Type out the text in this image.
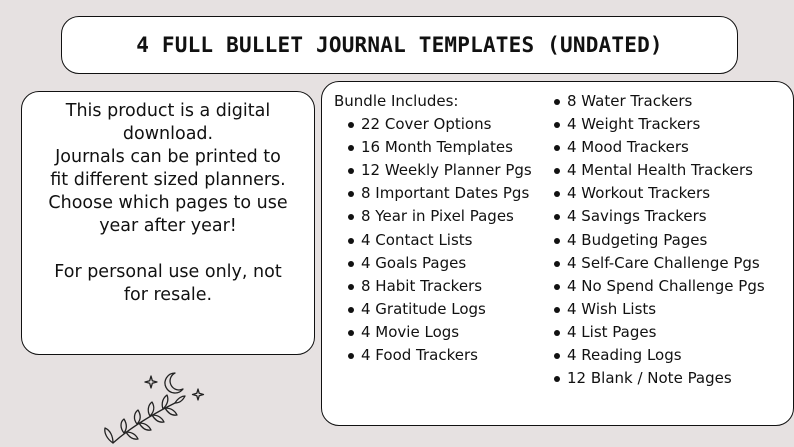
4 FULL BULLET JOURNAL TEMPLATES (UNDATED)
This product is a digital
download.
Journals can be printed to
fit different sized planners.
Choose which pages to use
year after year!
For personal use only, not
for resale.
Bundle Includes:
22 Cover Options
16 Month Templates
12 Weekly Planner Pgs
8 Important Dates Pgs
8 Year in Pixel Pages
4 Contact Lists
4 Goals Pages
8 Habit Trackers
4 Gratitude Logs
4 Movie Logs
4 Food Trackers
8 Water Trackers
4 Weight Trackers
4 Mood Trackers
4 Mental Health Trackers
4 Workout Trackers
4 Savings Trackers
4 Budgeting Pages
4 Self-Care Challenge Pgs
4 No Spend Challenge Pgs
4 Wish Lists
4 List Pages
4 Reading Logs
12 Blank / Note Pages
